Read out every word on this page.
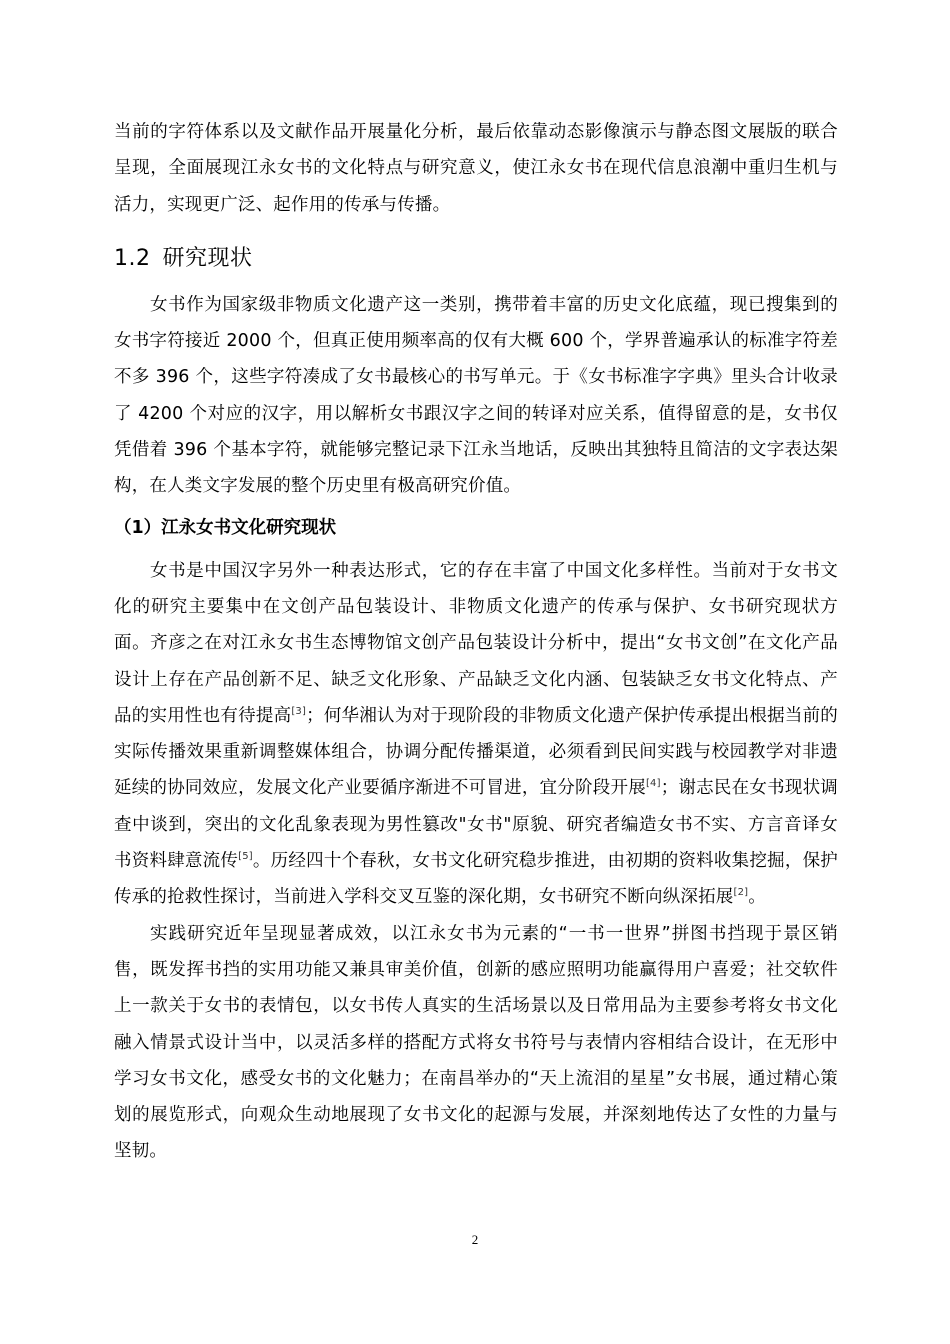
当前的字符体系以及文献作品开展量化分析，最后依靠动态影像演示与静态图文展版的联合呈现，全面展现江永女书的文化特点与研究意义，使江永女书在现代信息浪潮中重归生机与活力，实现更广泛、起作用的传承与传播。

1.2 研究现状

女书作为国家级非物质文化遗产这一类别，携带着丰富的历史文化底蕴，现已搜集到的女书字符接近 2000 个，但真正使用频率高的仅有大概 600 个，学界普遍承认的标准字符差不多 396 个，这些字符凑成了女书最核心的书写单元。于《女书标准字字典》里头合计收录了 4200 个对应的汉字，用以解析女书跟汉字之间的转译对应关系，值得留意的是，女书仅凭借着 396 个基本字符，就能够完整记录下江永当地话，反映出其独特且简洁的文字表达架构，在人类文字发展的整个历史里有极高研究价值。

（1）江永女书文化研究现状

女书是中国汉字另外一种表达形式，它的存在丰富了中国文化多样性。当前对于女书文化的研究主要集中在文创产品包装设计、非物质文化遗产的传承与保护、女书研究现状方面。齐彦之在对江永女书生态博物馆文创产品包装设计分析中，提出“女书文创”在文化产品设计上存在产品创新不足、缺乏文化形象、产品缺乏文化内涵、包装缺乏女书文化特点、产品的实用性也有待提高[3]；何华湘认为对于现阶段的非物质文化遗产保护传承提出根据当前的实际传播效果重新调整媒体组合，协调分配传播渠道，必须看到民间实践与校园教学对非遗延续的协同效应，发展文化产业要循序渐进不可冒进，宜分阶段开展[4]；谢志民在女书现状调查中谈到，突出的文化乱象表现为男性篡改"女书"原貌、研究者编造女书不实、方言音译女书资料肆意流传[5]。历经四十个春秋，女书文化研究稳步推进，由初期的资料收集挖掘，保护传承的抢救性探讨，当前进入学科交叉互鉴的深化期，女书研究不断向纵深拓展[2]。

实践研究近年呈现显著成效，以江永女书为元素的“一书一世界”拼图书挡现于景区销售，既发挥书挡的实用功能又兼具审美价值，创新的感应照明功能赢得用户喜爱；社交软件上一款关于女书的表情包，以女书传人真实的生活场景以及日常用品为主要参考将女书文化融入情景式设计当中，以灵活多样的搭配方式将女书符号与表情内容相结合设计，在无形中学习女书文化，感受女书的文化魅力；在南昌举办的“天上流泪的星星”女书展，通过精心策划的展览形式，向观众生动地展现了女书文化的起源与发展，并深刻地传达了女性的力量与坚韧。

2
